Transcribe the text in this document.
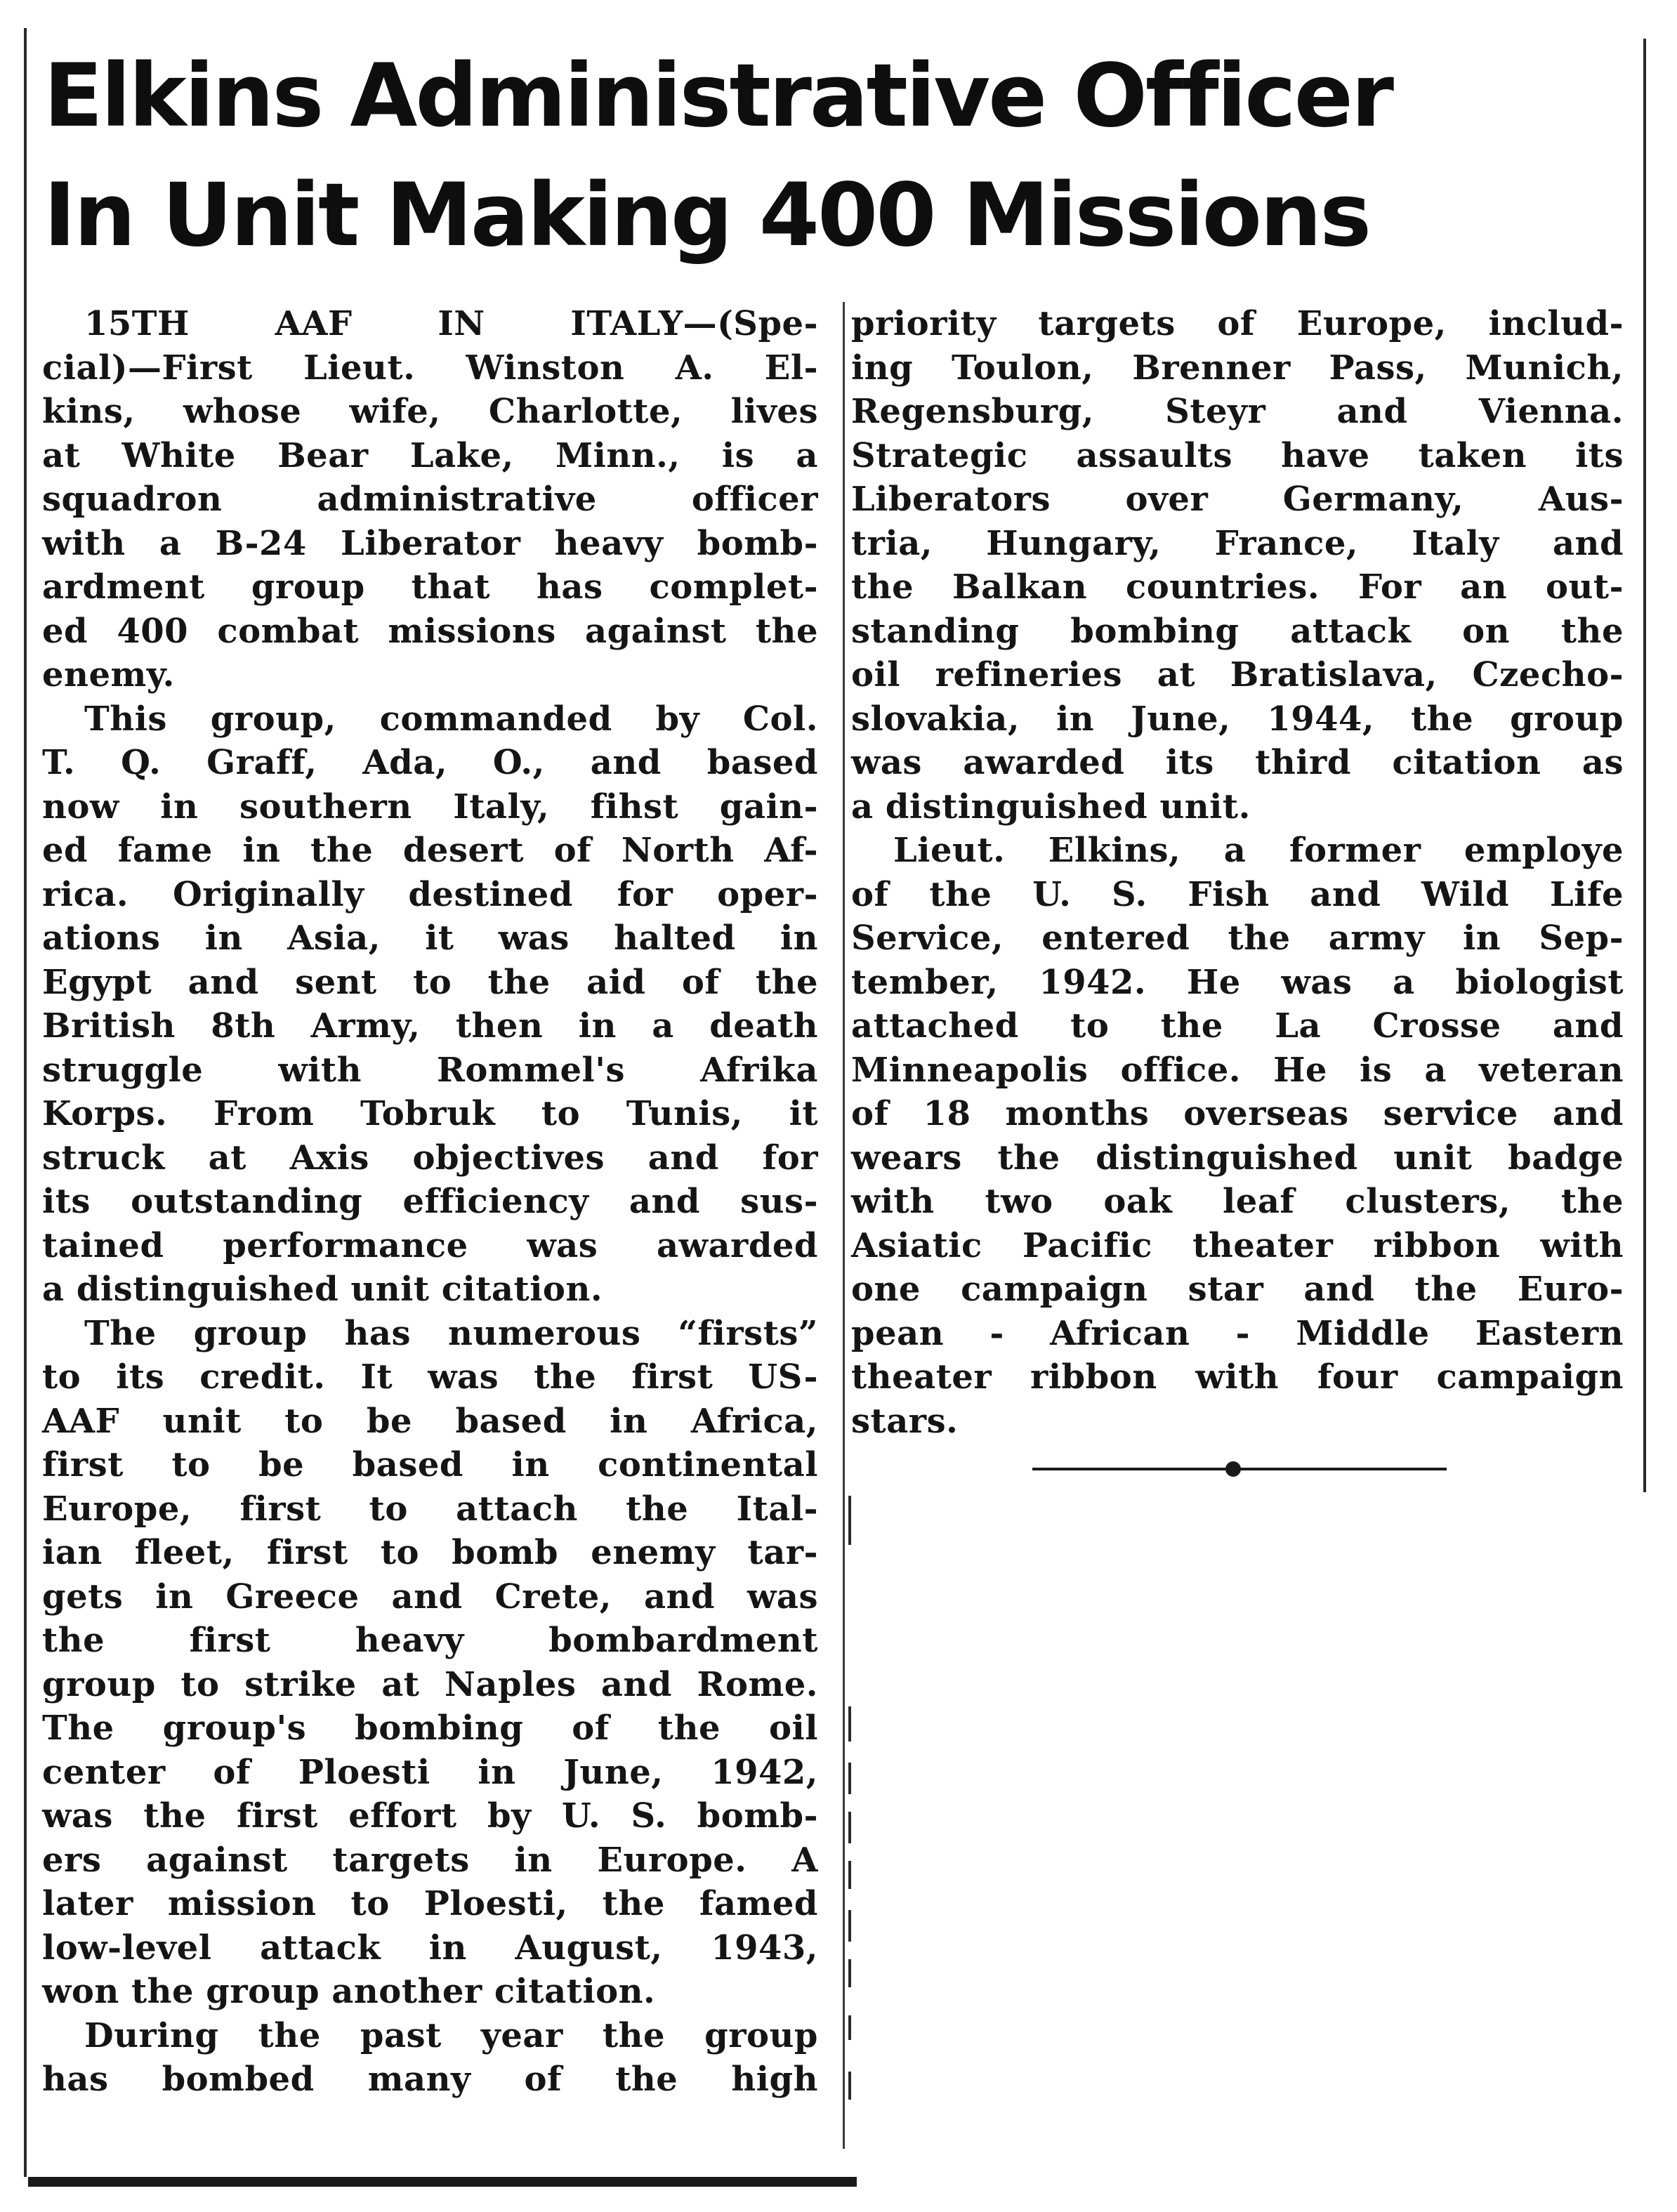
Elkins Administrative Officer
In Unit Making 400 Missions
15TH AAF IN ITALY—(Spe-
cial)—First Lieut. Winston A. El-
kins, whose wife, Charlotte, lives
at White Bear Lake, Minn., is a
squadron administrative officer
with a B-24 Liberator heavy bomb-
ardment group that has complet-
ed 400 combat missions against the
enemy.
This group, commanded by Col.
T. Q. Graff, Ada, O., and based
now in southern Italy, fihst gain-
ed fame in the desert of North Af-
rica. Originally destined for oper-
ations in Asia, it was halted in
Egypt and sent to the aid of the
British 8th Army, then in a death
struggle with Rommel's Afrika
Korps. From Tobruk to Tunis, it
struck at Axis objectives and for
its outstanding efficiency and sus-
tained performance was awarded
a distinguished unit citation.
The group has numerous “firsts”
to its credit. It was the first US-
AAF unit to be based in Africa,
first to be based in continental
Europe, first to attach the Ital-
ian fleet, first to bomb enemy tar-
gets in Greece and Crete, and was
the first heavy bombardment
group to strike at Naples and Rome.
The group's bombing of the oil
center of Ploesti in June, 1942,
was the first effort by U. S. bomb-
ers against targets in Europe. A
later mission to Ploesti, the famed
low-level attack in August, 1943,
won the group another citation.
During the past year the group
has bombed many of the high
priority targets of Europe, includ-
ing Toulon, Brenner Pass, Munich,
Regensburg, Steyr and Vienna.
Strategic assaults have taken its
Liberators over Germany, Aus-
tria, Hungary, France, Italy and
the Balkan countries. For an out-
standing bombing attack on the
oil refineries at Bratislava, Czecho-
slovakia, in June, 1944, the group
was awarded its third citation as
a distinguished unit.
Lieut. Elkins, a former employe
of the U. S. Fish and Wild Life
Service, entered the army in Sep-
tember, 1942. He was a biologist
attached to the La Crosse and
Minneapolis office. He is a veteran
of 18 months overseas service and
wears the distinguished unit badge
with two oak leaf clusters, the
Asiatic Pacific theater ribbon with
one campaign star and the Euro-
pean - African - Middle Eastern
theater ribbon with four campaign
stars.
